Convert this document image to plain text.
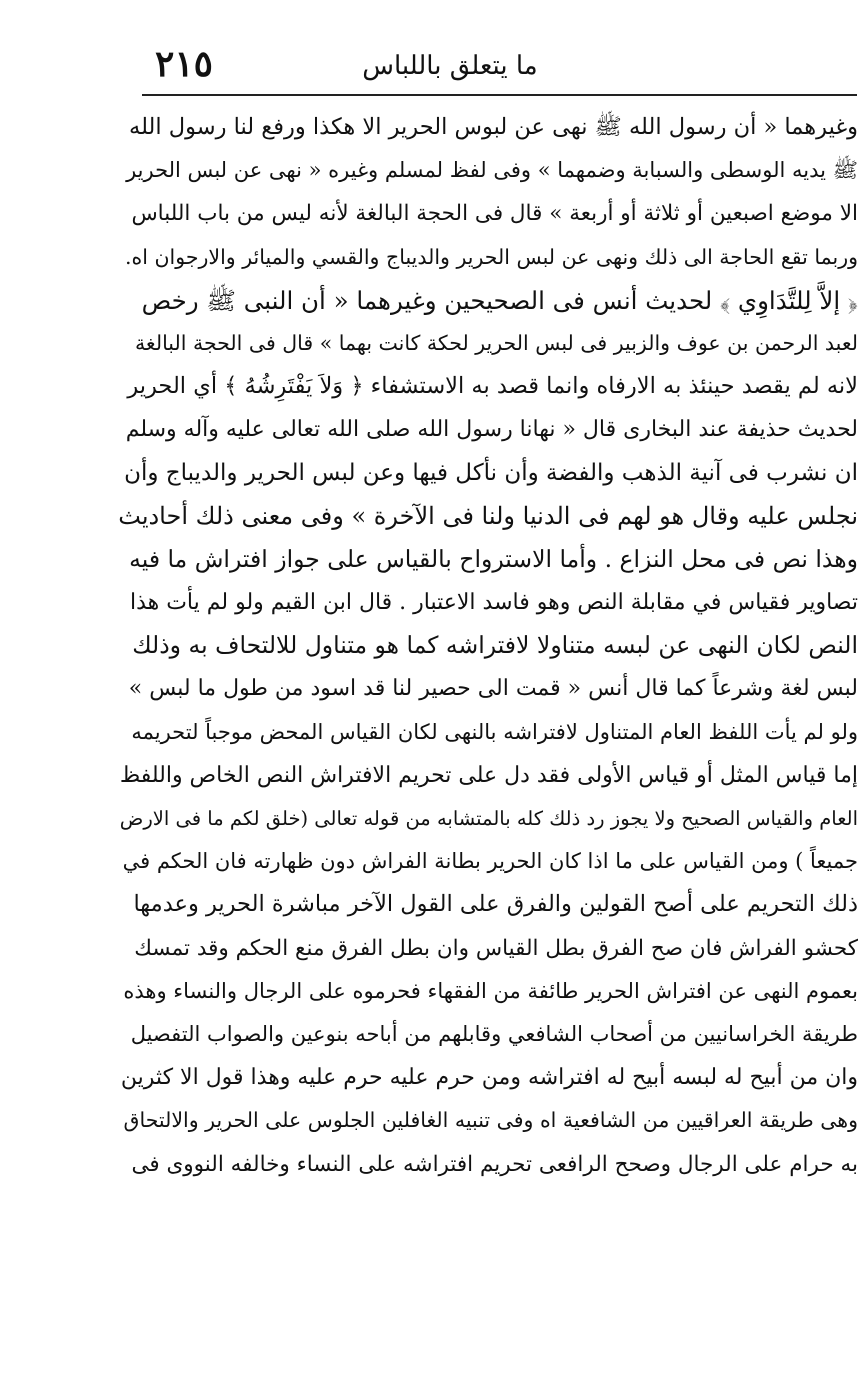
٢١٥	ما يتعلق باللباس
وغيرهما « أن رسول الله ﷺ نهى عن لبوس الحرير الا هكذا ورفع لنا رسول الله
ﷺ يديه الوسطى والسبابة وضمهما » وفى لفظ لمسلم وغيره « نهى عن لبس الحرير
الا موضع اصبعين أو ثلاثة أو أربعة » قال فى الحجة البالغة لأنه ليس من باب اللباس
وربما تقع الحاجة الى ذلك ونهى عن لبس الحرير والديباج والقسي والميائر والارجوان اه.
﴿ إلاَّ لِلتَّدَاوِي ﴾ لحديث أنس فى الصحيحين وغيرهما « أن النبى ﷺ رخص
لعبد الرحمن بن عوف والزبير فى لبس الحرير لحكة كانت بهما » قال فى الحجة البالغة
لانه لم يقصد حينئذ به الارفاه وانما قصد به الاستشفاء ﴿ وَلاَ يَفْتَرِشُهُ ﴾ أي الحرير
لحديث حذيفة عند البخارى قال « نهانا رسول الله صلى الله تعالى عليه وآله وسلم
ان نشرب فى آنية الذهب والفضة وأن نأكل فيها وعن لبس الحرير والديباج وأن
نجلس عليه وقال هو لهم فى الدنيا ولنا فى الآخرة » وفى معنى ذلك أحاديث
وهذا نص فى محل النزاع . وأما الاسترواح بالقياس على جواز افتراش ما فيه
تصاوير فقياس في مقابلة النص وهو فاسد الاعتبار . قال ابن القيم ولو لم يأت هذا
النص لكان النهى عن لبسه متناولا لافتراشه كما هو متناول للالتحاف به وذلك
لبس لغة وشرعاً كما قال أنس « قمت الى حصير لنا قد اسود من طول ما لبس »
ولو لم يأت اللفظ العام المتناول لافتراشه بالنهى لكان القياس المحض موجباً لتحريمه
إما قياس المثل أو قياس الأولى فقد دل على تحريم الافتراش النص الخاص واللفظ
العام والقياس الصحيح ولا يجوز رد ذلك كله بالمتشابه من قوله تعالى (خلق لكم ما فى الارض
جميعاً ) ومن القياس على ما اذا كان الحرير بطانة الفراش دون ظهارته فان الحكم في
ذلك التحريم على أصح القولين والفرق على القول الآخر مباشرة الحرير وعدمها
كحشو الفراش فان صح الفرق بطل القياس وان بطل الفرق منع الحكم وقد تمسك
بعموم النهى عن افتراش الحرير طائفة من الفقهاء فحرموه على الرجال والنساء وهذه
طريقة الخراسانيين من أصحاب الشافعي وقابلهم من أباحه بنوعين والصواب التفصيل
وان من أبيح له لبسه أبيح له افتراشه ومن حرم عليه حرم عليه وهذا قول الا كثرين
وهى طريقة العراقيين من الشافعية اه وفى تنبيه الغافلين الجلوس على الحرير والالتحاق
به حرام على الرجال وصحح الرافعى تحريم افتراشه على النساء وخالفه النووى فى
